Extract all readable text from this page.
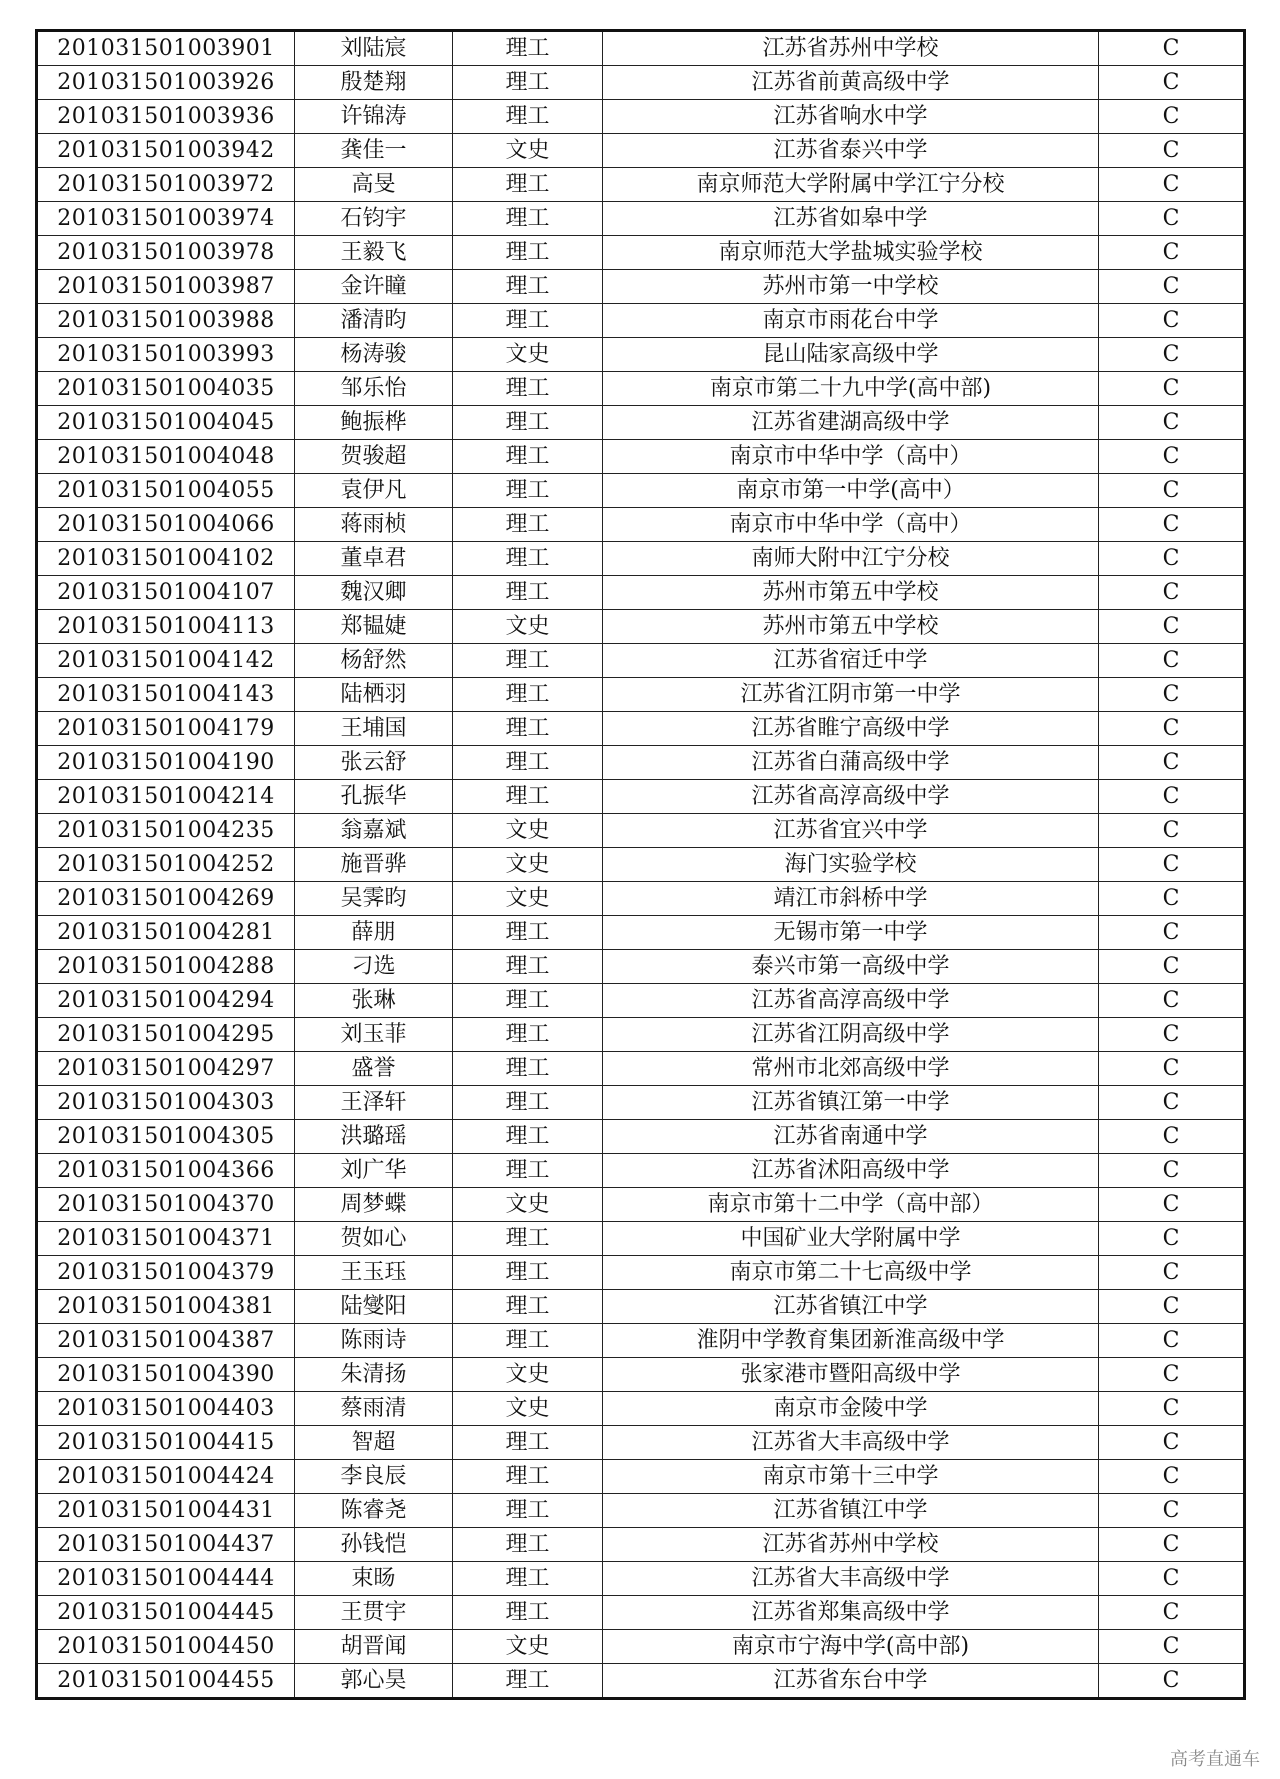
201031501003901	刘陆宸	理工	江苏省苏州中学校	C
201031501003926	殷楚翔	理工	江苏省前黄高级中学	C
201031501003936	许锦涛	理工	江苏省响水中学	C
201031501003942	龚佳一	文史	江苏省泰兴中学	C
201031501003972	高旻	理工	南京师范大学附属中学江宁分校	C
201031501003974	石钧宇	理工	江苏省如皋中学	C
201031501003978	王毅飞	理工	南京师范大学盐城实验学校	C
201031501003987	金许瞳	理工	苏州市第一中学校	C
201031501003988	潘清昀	理工	南京市雨花台中学	C
201031501003993	杨涛骏	文史	昆山陆家高级中学	C
201031501004035	邹乐怡	理工	南京市第二十九中学(高中部)	C
201031501004045	鲍振桦	理工	江苏省建湖高级中学	C
201031501004048	贺骏超	理工	南京市中华中学（高中）	C
201031501004055	袁伊凡	理工	南京市第一中学(高中）	C
201031501004066	蒋雨桢	理工	南京市中华中学（高中）	C
201031501004102	董卓君	理工	南师大附中江宁分校	C
201031501004107	魏汉卿	理工	苏州市第五中学校	C
201031501004113	郑韫婕	文史	苏州市第五中学校	C
201031501004142	杨舒然	理工	江苏省宿迁中学	C
201031501004143	陆栖羽	理工	江苏省江阴市第一中学	C
201031501004179	王埔国	理工	江苏省睢宁高级中学	C
201031501004190	张云舒	理工	江苏省白蒲高级中学	C
201031501004214	孔振华	理工	江苏省高淳高级中学	C
201031501004235	翁嘉斌	文史	江苏省宜兴中学	C
201031501004252	施晋骅	文史	海门实验学校	C
201031501004269	吴霁昀	文史	靖江市斜桥中学	C
201031501004281	薛朋	理工	无锡市第一中学	C
201031501004288	刁选	理工	泰兴市第一高级中学	C
201031501004294	张琳	理工	江苏省高淳高级中学	C
201031501004295	刘玉菲	理工	江苏省江阴高级中学	C
201031501004297	盛誉	理工	常州市北郊高级中学	C
201031501004303	王泽轩	理工	江苏省镇江第一中学	C
201031501004305	洪璐瑶	理工	江苏省南通中学	C
201031501004366	刘广华	理工	江苏省沭阳高级中学	C
201031501004370	周梦蝶	文史	南京市第十二中学（高中部）	C
201031501004371	贺如心	理工	中国矿业大学附属中学	C
201031501004379	王玉珏	理工	南京市第二十七高级中学	C
201031501004381	陆燮阳	理工	江苏省镇江中学	C
201031501004387	陈雨诗	理工	淮阴中学教育集团新淮高级中学	C
201031501004390	朱清扬	文史	张家港市暨阳高级中学	C
201031501004403	蔡雨清	文史	南京市金陵中学	C
201031501004415	智超	理工	江苏省大丰高级中学	C
201031501004424	李良辰	理工	南京市第十三中学	C
201031501004431	陈睿尧	理工	江苏省镇江中学	C
201031501004437	孙钱恺	理工	江苏省苏州中学校	C
201031501004444	束旸	理工	江苏省大丰高级中学	C
201031501004445	王贯宇	理工	江苏省郑集高级中学	C
201031501004450	胡晋闻	文史	南京市宁海中学(高中部)	C
201031501004455	郭心昊	理工	江苏省东台中学	C
高考直通车
